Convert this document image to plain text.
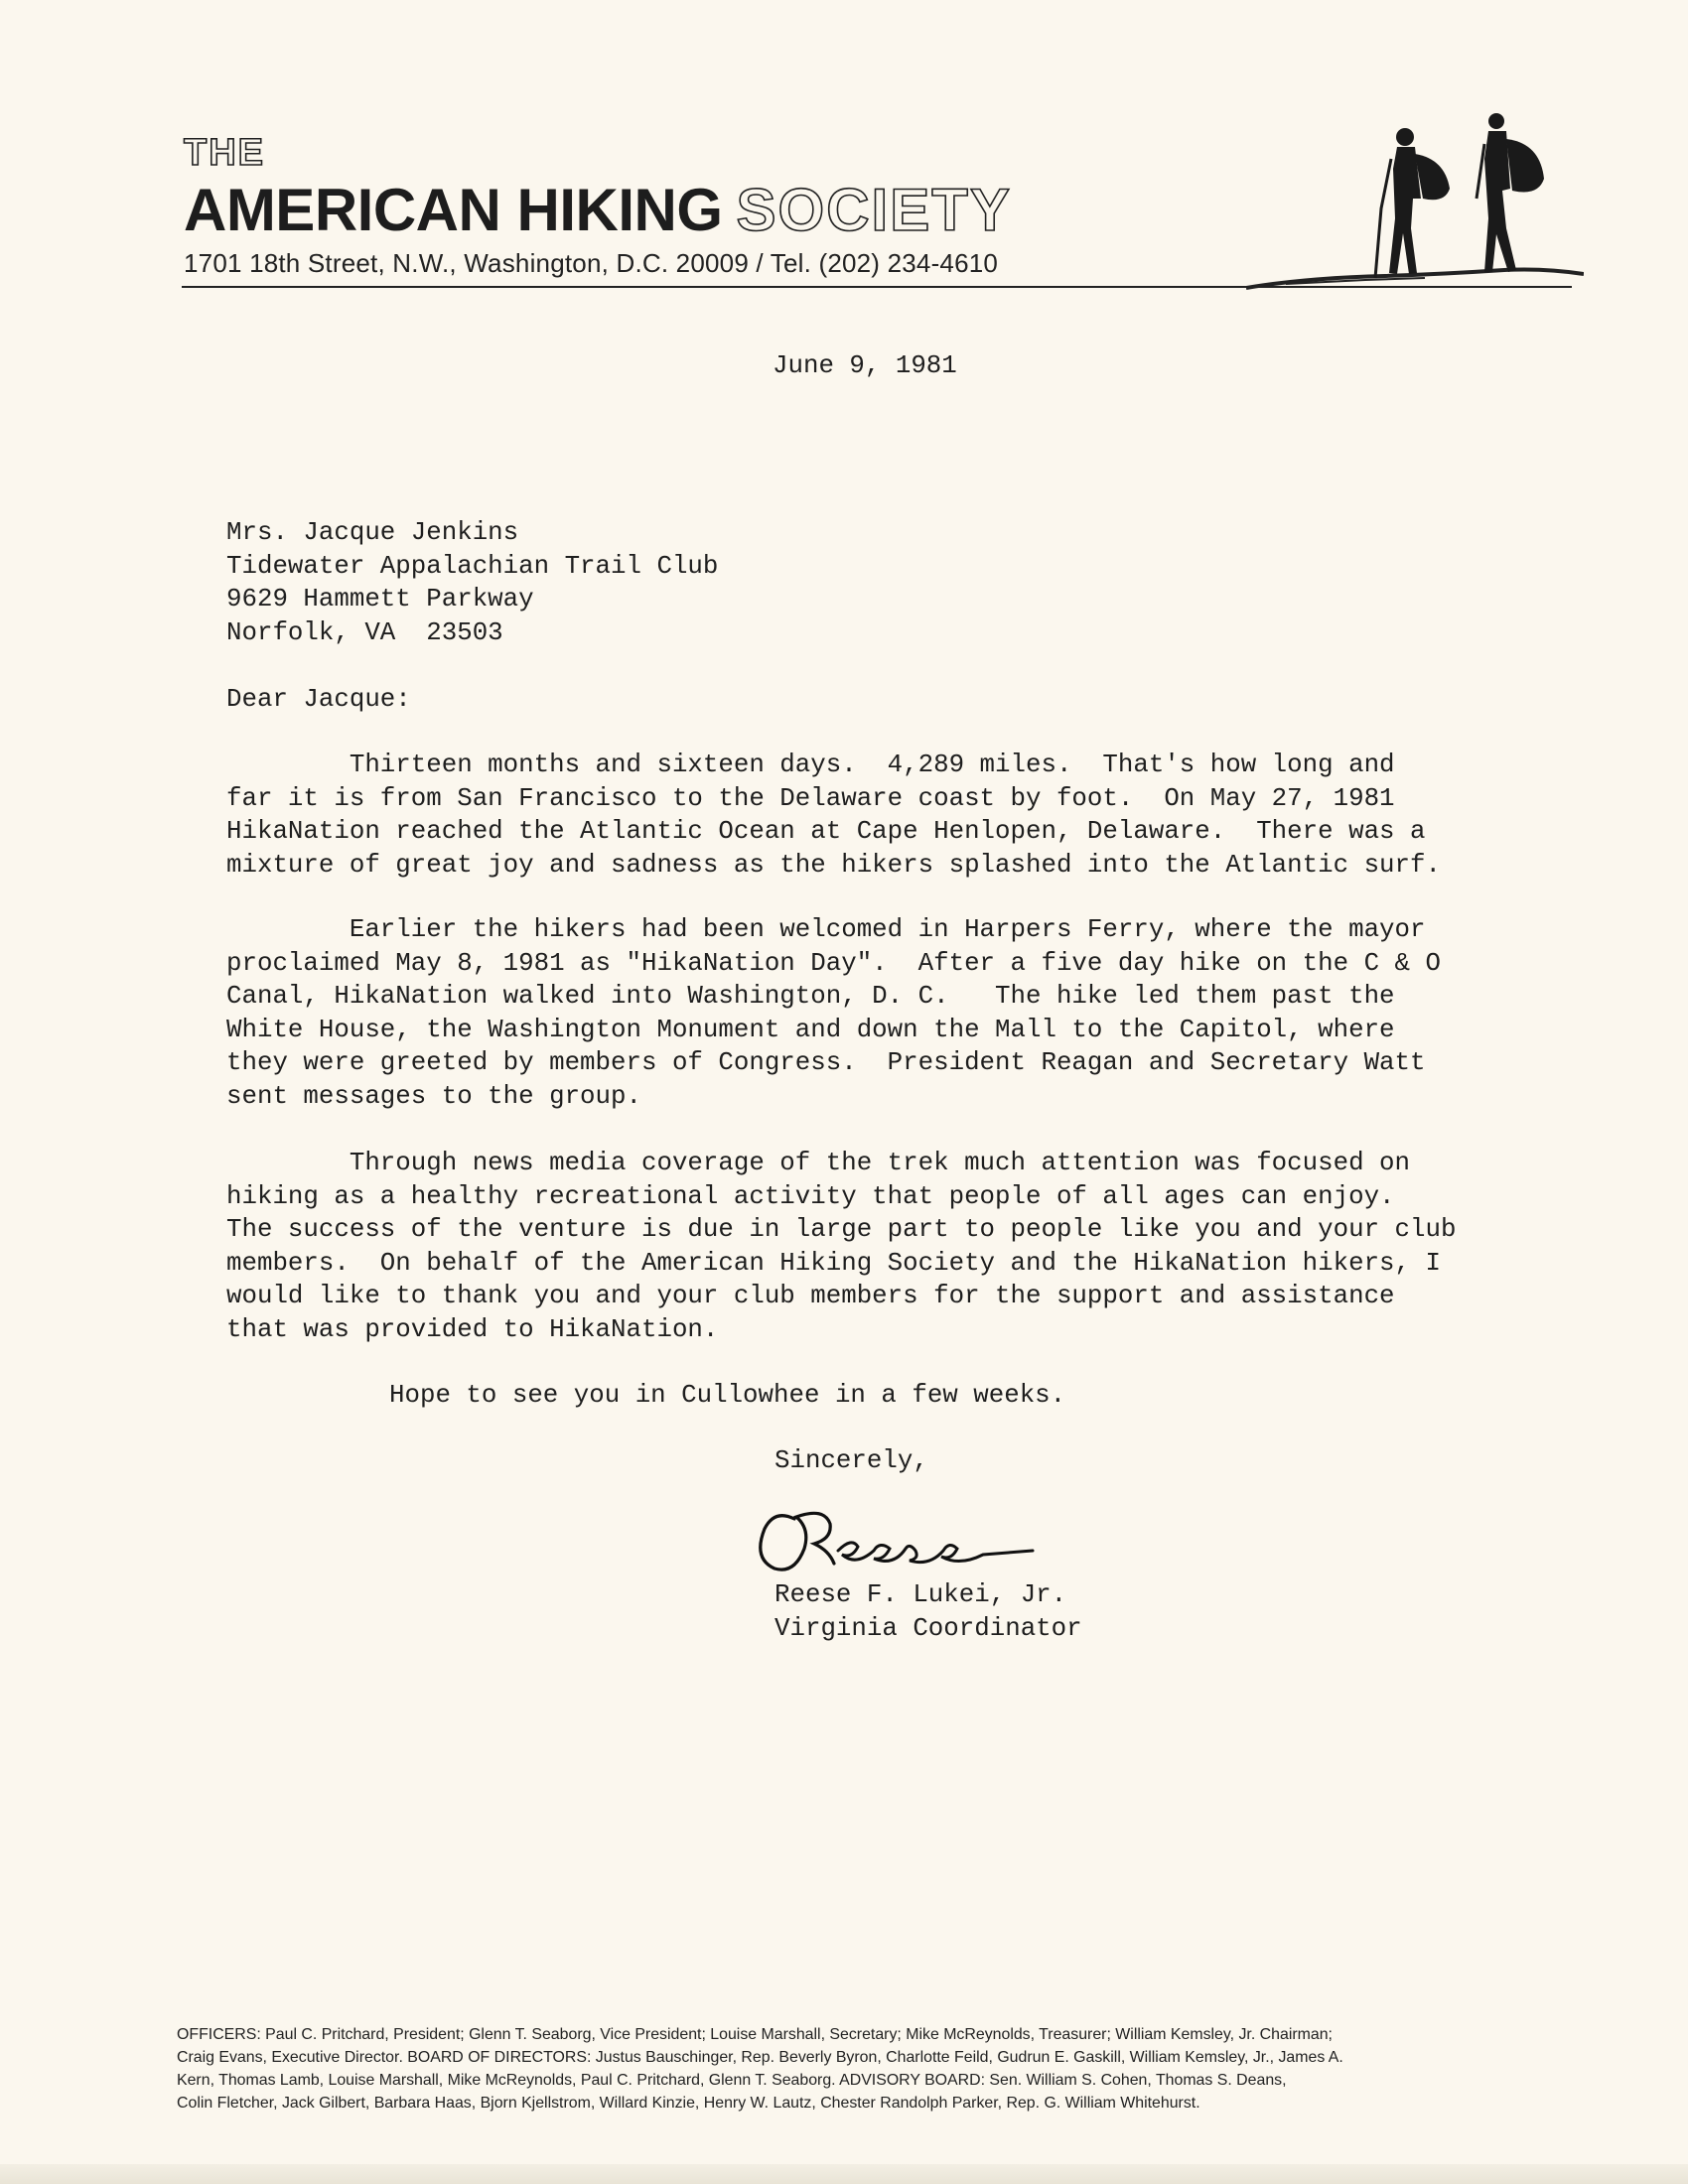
THE
AMERICAN HIKING SOCIETY
1701 18th Street, N.W., Washington, D.C. 20009 / Tel. (202) 234-4610
June 9, 1981
Mrs. Jacque Jenkins
Tidewater Appalachian Trail Club
9629 Hammett Parkway
Norfolk, VA  23503
Dear Jacque:
Thirteen months and sixteen days.  4,289 miles.  That's how long and
far it is from San Francisco to the Delaware coast by foot.  On May 27, 1981
HikaNation reached the Atlantic Ocean at Cape Henlopen, Delaware.  There was a
mixture of great joy and sadness as the hikers splashed into the Atlantic surf.
Earlier the hikers had been welcomed in Harpers Ferry, where the mayor
proclaimed May 8, 1981 as "HikaNation Day".  After a five day hike on the C & O
Canal, HikaNation walked into Washington, D. C.   The hike led them past the
White House, the Washington Monument and down the Mall to the Capitol, where
they were greeted by members of Congress.  President Reagan and Secretary Watt
sent messages to the group.
Through news media coverage of the trek much attention was focused on
hiking as a healthy recreational activity that people of all ages can enjoy.
The success of the venture is due in large part to people like you and your club
members.  On behalf of the American Hiking Society and the HikaNation hikers, I
would like to thank you and your club members for the support and assistance
that was provided to HikaNation.
Hope to see you in Cullowhee in a few weeks.
Sincerely,
Reese F. Lukei, Jr.
Virginia Coordinator
OFFICERS: Paul C. Pritchard, President; Glenn T. Seaborg, Vice President; Louise Marshall, Secretary; Mike McReynolds, Treasurer; William Kemsley, Jr. Chairman;
Craig Evans, Executive Director. BOARD OF DIRECTORS: Justus Bauschinger, Rep. Beverly Byron, Charlotte Feild, Gudrun E. Gaskill, William Kemsley, Jr., James A.
Kern, Thomas Lamb, Louise Marshall, Mike McReynolds, Paul C. Pritchard, Glenn T. Seaborg. ADVISORY BOARD: Sen. William S. Cohen, Thomas S. Deans,
Colin Fletcher, Jack Gilbert, Barbara Haas, Bjorn Kjellstrom, Willard Kinzie, Henry W. Lautz, Chester Randolph Parker, Rep. G. William Whitehurst.
